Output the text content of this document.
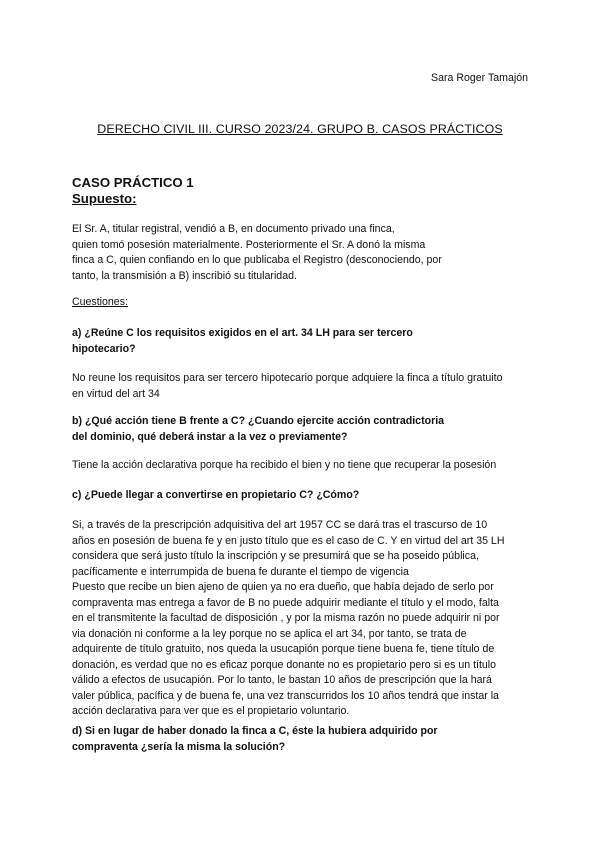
Sara Roger Tamajón
DERECHO CIVIL III. CURSO 2023/24. GRUPO B. CASOS PRÁCTICOS
CASO PRÁCTICO 1
Supuesto:
El Sr. A, titular registral, vendió a B, en documento privado una finca,
quien tomó posesión materialmente. Posteriormente el Sr. A donó la misma
finca a C, quien confiando en lo que publicaba el Registro (desconociendo, por
tanto, la transmisión a B) inscribió su titularidad.
Cuestiones:
a) ¿Reúne C los requisitos exigidos en el art. 34 LH para ser tercero
hipotecario?
No reune los requisitos para ser tercero hipotecario porque adquiere la finca a título gratuito
en virtud del art 34
b) ¿Qué acción tiene B frente a C? ¿Cuando ejercite acción contradictoria
del dominio, qué deberá instar a la vez o previamente?
Tiene la acción declarativa porque ha recibido el bien y no tiene que recuperar la posesión
c) ¿Puede llegar a convertirse en propietario C? ¿Cómo?
Si, a través de la prescripción adquisitiva del art 1957 CC se dará tras el trascurso de 10
años en posesión de buena fe y en justo título que es el caso de C. Y en virtud del art 35 LH
considera que será justo título la inscripción y se presumirá que se ha poseido pública,
pacíficamente e interrumpida de buena fe durante el tiempo de vigencia
Puesto que recibe un bien ajeno de quien ya no era dueño, que había dejado de serlo por
compraventa mas entrega a favor de B no puede adquirir mediante el título y el modo, falta
en el transmitente la facultad de disposición , y por la misma razón no puede adquirir ni por
via donación ni conforme a la ley porque no se aplica el art 34, por tanto, se trata de
adquirente de título gratuito, nos queda la usucapión porque tiene buena fe, tiene título de
donación, es verdad que no es eficaz porque donante no es propietario pero si es un título
válido a efectos de usucapión. Por lo tanto, le bastan 10 años de prescripción que la hará
valer pública, pacífica y de buena fe, una vez transcurridos los 10 años tendrá que instar la
acción declarativa para ver que es el propietario voluntario.
d) Si en lugar de haber donado la finca a C, éste la hubiera adquirido por
compraventa ¿sería la misma la solución?
